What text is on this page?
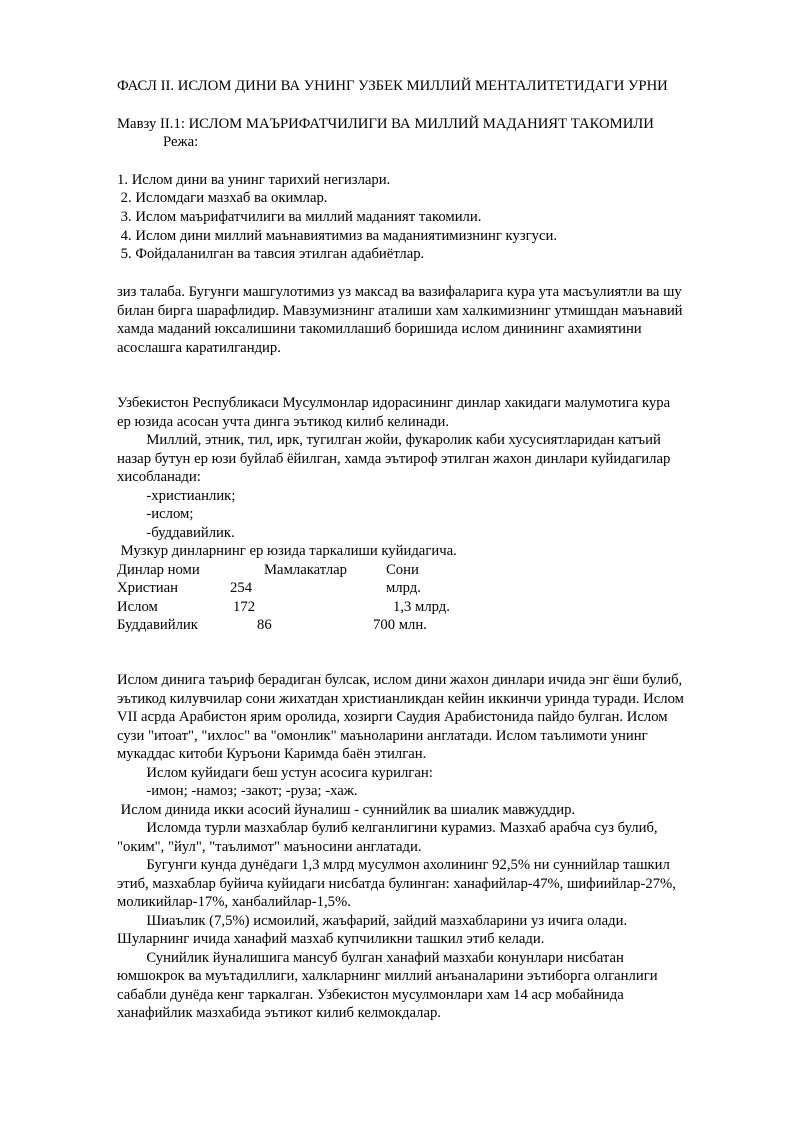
ФАСЛ II. ИСЛОМ ДИНИ ВА УНИНГ УЗБЕК МИЛЛИЙ МЕНТАЛИТЕТИДАГИ УРНИ
Мавзу II.1: ИСЛОМ МАЪРИФАТЧИЛИГИ ВА МИЛЛИЙ МАДАНИЯТ ТАКОМИЛИ
Режа:
1. Ислом дини ва унинг тарихий негизлари.
2. Исломдаги мазхаб ва окимлар.
3. Ислом маърифатчилиги ва миллий маданият такомили.
4. Ислом дини миллий маънавиятимиз ва маданиятимизнинг кузгуси.
5. Фойдаланилган ва тавсия этилган адабиётлар.
зиз талаба. Бугунги машгулотимиз уз максад ва вазифаларига кура ута масъулиятли ва шу
билан бирга шарафлидир. Мавзумизнинг аталиши хам халкимизнинг утмишдан маънавий
хамда маданий юксалишини такомиллашиб боришида ислом динининг ахамиятини
асослашга каратилгандир.
Узбекистон Республикаси Мусулмонлар идорасининг динлар хакидаги малумотига кура
ер юзида асосан учта динга эътикод килиб келинади.
Миллий, этник, тил, ирк, тугилган жойи, фукаролик каби хусусиятларидан катъий
назар бутун ер юзи буйлаб ёйилган, хамда эътироф этилган жахон динлари куйидагилар
хисобланади:
-христианлик;
-ислом;
-буддавийлик.
Музкур динларнинг ер юзида таркалиши куйидагича.
Динлар номи	Мамлакатлар	Сони
Христиан	254	млрд.
Ислом	172	1,3 млрд.
Буддавийлик	86	700 млн.
Ислом динига таъриф берадиган булсак, ислом дини жахон динлари ичида энг ёши булиб,
эътикод килувчилар сони жихатдан христианликдан кейин иккинчи уринда туради. Ислом
VII асрда Арабистон ярим оролида, хозирги Саудия Арабистонида пайдо булган. Ислом
сузи "итоат", "ихлос" ва "омонлик" маъноларини англатади. Ислом таълимоти унинг
мукаддас китоби Куръони Каримда баён этилган.
Ислом куйидаги беш устун асосига курилган:
-имон; -намоз; -закот; -руза; -хаж.
Ислом динида икки асосий йуналиш - суннийлик ва шиалик мавжуддир.
Исломда турли мазхаблар булиб келганлигини курамиз. Мазхаб арабча суз булиб,
"оким", "йул", "таълимот" маъносини англатади.
Бугунги кунда дунёдаги 1,3 млрд мусулмон ахолининг 92,5% ни суннийлар ташкил
этиб, мазхаблар буйича куйидаги нисбатда булинган: ханафийлар-47%, шифиийлар-27%,
моликийлар-17%, ханбалийлар-1,5%.
Шиаълик (7,5%) исмоилий, жаъфарий, зайдий мазхабларини уз ичига олади.
Шуларнинг ичида ханафий мазхаб купчиликни ташкил этиб келади.
Сунийлик йуналишига мансуб булган ханафий мазхаби конунлари нисбатан
юмшокрок ва муътадиллиги, халкларнинг миллий анъаналарини эътиборга олганлиги
сабабли дунёда кенг таркалган. Узбекистон мусулмонлари хам 14 аср мобайнида
ханафийлик мазхабида эътикот килиб келмокдалар.
